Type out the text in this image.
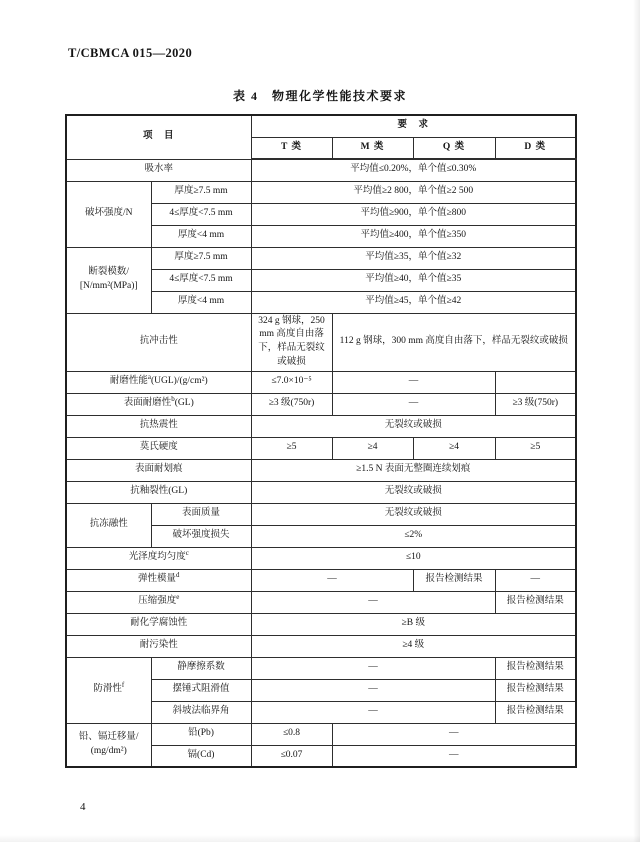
T/CBMCA 015—2020
表 4　物理化学性能技术要求
项　目		要　求			
		T 类	M 类	Q 类	D 类
吸水率		平均值≤0.20%，单个值≤0.30%			
破坏强度/N	厚度≥7.5 mm	平均值≥2 800，单个值≥2 500			
	4≤厚度<7.5 mm	平均值≥900，单个值≥800			
	厚度<4 mm	平均值≥400，单个值≥350			

断裂模数/
[N/mm²(MPa)]	厚度≥7.5 mm	平均值≥35，单个值≥32			
	4≤厚度<7.5 mm	平均值≥40，单个值≥35			
	厚度<4 mm	平均值≥45，单个值≥42			
抗冲击性		324 g 钢球，250 mm 高度自由落下，样品无裂纹或破损	112 g 钢球，300 mm 高度自由落下，样品无裂纹或破损		
耐磨性能$^a$(UGL)/(g/cm²)		≤7.0×10⁻⁵	—		
表面耐磨性$^b$(GL)		≥3 级(750r)	—		≥3 级(750r)
抗热震性		无裂纹或破损			
莫氏硬度		≥5	≥4	≥4	≥5
表面耐划痕		≥1.5 N 表面无整圈连续划痕			
抗釉裂性(GL)		无裂纹或破损			
抗冻融性	表面质量	无裂纹或破损			
	破坏强度损失	≤2%			
光泽度均匀度$^c$		≤10			
弹性模量$^d$		—		报告检测结果	—
压缩强度$^e$		—			报告检测结果
耐化学腐蚀性		≥B 级			
耐污染性		≥4 级			
防滑性$^f$	静摩擦系数	—			报告检测结果
	摆锤式阻滑值	—			报告检测结果
	斜坡法临界角	—			报告检测结果

铅、镉迁移量/
(mg/dm²)	铅(Pb)	≤0.8	—		
	镉(Cd)	≤0.07	—		
4
